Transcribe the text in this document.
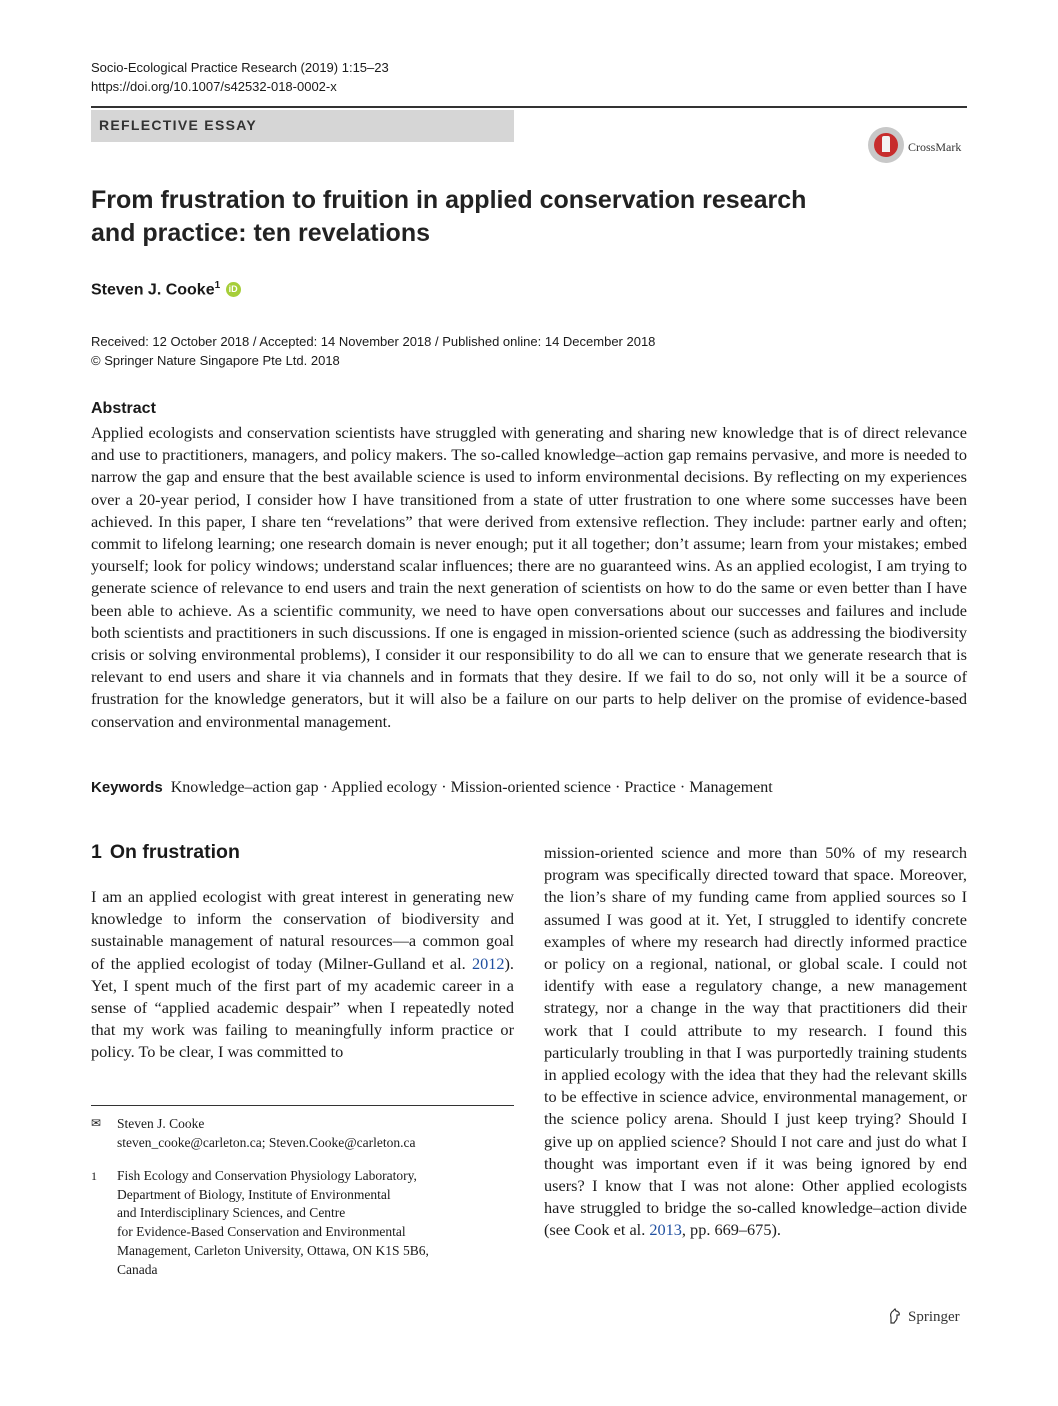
Socio-Ecological Practice Research (2019) 1:15–23
https://doi.org/10.1007/s42532-018-0002-x
REFLECTIVE ESSAY
CrossMark
From frustration to fruition in applied conservation research and practice: ten revelations
Steven J. Cooke$^1$ iD
Received: 12 October 2018 / Accepted: 14 November 2018 / Published online: 14 December 2018
© Springer Nature Singapore Pte Ltd. 2018
Abstract
Applied ecologists and conservation scientists have struggled with generating and sharing new knowledge that is of direct relevance and use to practitioners, managers, and policy makers. The so-called knowledge–action gap remains pervasive, and more is needed to narrow the gap and ensure that the best available science is used to inform environmental decisions. By reflecting on my experiences over a 20-year period, I consider how I have transitioned from a state of utter frustration to one where some successes have been achieved. In this paper, I share ten “revelations” that were derived from extensive reflection. They include: partner early and often; commit to lifelong learning; one research domain is never enough; put it all together; don’t assume; learn from your mistakes; embed yourself; look for policy windows; understand scalar influences; there are no guaranteed wins. As an applied ecologist, I am trying to generate science of relevance to end users and train the next generation of scientists on how to do the same or even better than I have been able to achieve. As a scientific community, we need to have open conversations about our successes and failures and include both scientists and practitioners in such discussions. If one is engaged in mission-oriented science (such as addressing the biodiversity crisis or solving environmental problems), I consider it our responsibility to do all we can to ensure that we generate research that is relevant to end users and share it via channels and in formats that they desire. If we fail to do so, not only will it be a source of frustration for the knowledge generators, but it will also be a failure on our parts to help deliver on the promise of evidence-based conservation and environmental management.
Keywords Knowledge–action gap · Applied ecology · Mission-oriented science · Practice · Management
1 On frustration
I am an applied ecologist with great interest in generating new knowledge to inform the conservation of biodiversity and sustainable management of natural resources—a common goal of the applied ecologist of today (Milner-Gulland et al. 2012). Yet, I spent much of the first part of my academic career in a sense of “applied academic despair” when I repeatedly noted that my work was failing to meaningfully inform practice or policy. To be clear, I was committed to
mission-oriented science and more than 50% of my research program was specifically directed toward that space. Moreover, the lion’s share of my funding came from applied sources so I assumed I was good at it. Yet, I struggled to identify concrete examples of where my research had directly informed practice or policy on a regional, national, or global scale. I could not identify with ease a regulatory change, a new management strategy, nor a change in the way that practitioners did their work that I could attribute to my research. I found this particularly troubling in that I was purportedly training students in applied ecology with the idea that they had the relevant skills to be effective in science advice, environmental management, or the science policy arena. Should I just keep trying? Should I give up on applied science? Should I not care and just do what I thought was important even if it was being ignored by end users? I know that I was not alone: Other applied ecologists have struggled to bridge the so-called knowledge–action divide (see Cook et al. 2013, pp. 669–675).
✉ Steven J. Cooke
steven_cooke@carleton.ca; Steven.Cooke@carleton.ca
1 Fish Ecology and Conservation Physiology Laboratory,
Department of Biology, Institute of Environmental
and Interdisciplinary Sciences, and Centre
for Evidence-Based Conservation and Environmental
Management, Carleton University, Ottawa, ON K1S 5B6,
Canada
Springer
